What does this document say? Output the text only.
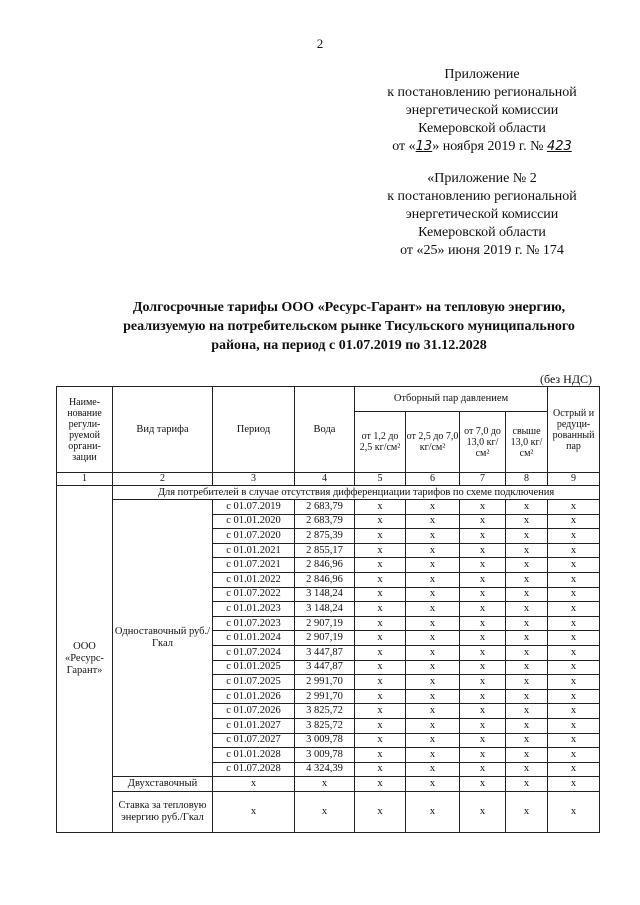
2
Приложение
к постановлению региональной
энергетической комиссии
Кемеровской области
от «13» ноября 2019 г. № 423
«Приложение № 2
к постановлению региональной
энергетической комиссии
Кемеровской области
от «25» июня 2019 г. № 174
Долгосрочные тарифы ООО «Ресурс-Гарант» на тепловую энергию,
реализуемую на потребительском рынке Тисульского муниципального
района, на период с 01.07.2019 по 31.12.2028
(без НДС)
Наиме-нование регули-руемой органи-зации	Вид тарифа	Период	Вода	Отборный пар давлением				Острый и редуци-рованный пар
				от 1,2 до 2,5 кг/см²	от 2,5 до 7,0 кг/см²	от 7,0 до 13,0 кг/см²	свыше 13,0 кг/см²	
1	2	3	4	5	6	7	8	9
ООО «Ресурс-Гарант»	Для потребителей в случае отсутствия дифференциации тарифов по схеме подключения							
	Одноставочный руб./Гкал	с 01.07.2019	2 683,79	х	х	х	х	х
		с 01.01.2020	2 683,79	х	х	х	х	х
		с 01.07.2020	2 875,39	х	х	х	х	х
		с 01.01.2021	2 855,17	х	х	х	х	х
		с 01.07.2021	2 846,96	х	х	х	х	х
		с 01.01.2022	2 846,96	х	х	х	х	х
		с 01.07.2022	3 148,24	х	х	х	х	х
		с 01.01.2023	3 148,24	х	х	х	х	х
		с 01.07.2023	2 907,19	х	х	х	х	х
		с 01.01.2024	2 907,19	х	х	х	х	х
		с 01.07.2024	3 447,87	х	х	х	х	х
		с 01.01.2025	3 447,87	х	х	х	х	х
		с 01.07.2025	2 991,70	х	х	х	х	х
		с 01.01.2026	2 991,70	х	х	х	х	х
		с 01.07.2026	3 825,72	х	х	х	х	х
		с 01.01.2027	3 825,72	х	х	х	х	х
		с 01.07.2027	3 009,78	х	х	х	х	х
		с 01.01.2028	3 009,78	х	х	х	х	х
		с 01.07.2028	4 324,39	х	х	х	х	х
	Двухставочный	х	х	х	х	х	х	х
	Ставка за тепловую энергию руб./Гкал	х	х	х	х	х	х	х
